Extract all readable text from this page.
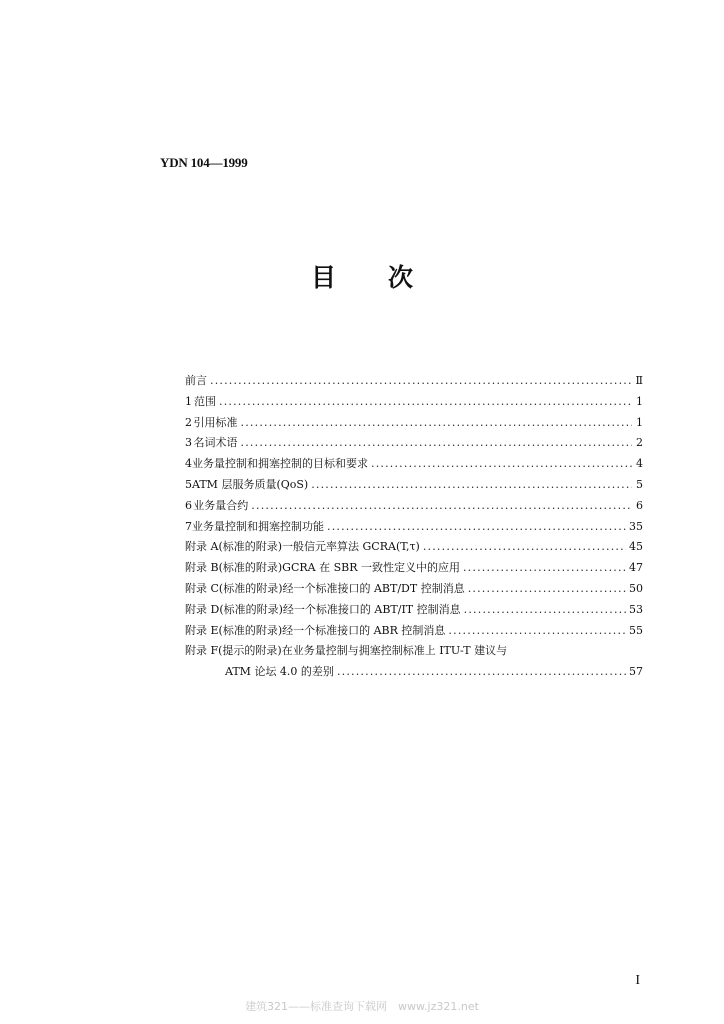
YDN 104—1999
目 次
前言 .....	Ⅱ
1 范围 .....	1
2 引用标准 .....	1
3 名词术语 .....	2
4 业务量控制和拥塞控制的目标和要求 .....	4
5 ATM 层服务质量(QoS) .....	5
6 业务量合约 .....	6
7 业务量控制和拥塞控制功能 .....	35
附录 A(标准的附录)一般信元率算法 GCRA(T,τ) .....	45
附录 B(标准的附录)GCRA 在 SBR 一致性定义中的应用 .....	47
附录 C(标准的附录)经一个标准接口的 ABT/DT 控制消息 .....	50
附录 D(标准的附录)经一个标准接口的 ABT/IT 控制消息 .....	53
附录 E(标准的附录)经一个标准接口的 ABR 控制消息 .....	55
附录 F(提示的附录)在业务量控制与拥塞控制标准上 ITU-T 建议与
ATM 论坛 4.0 的差别 .....	57
I
建筑321——标准查询下载网　www.jz321.net
